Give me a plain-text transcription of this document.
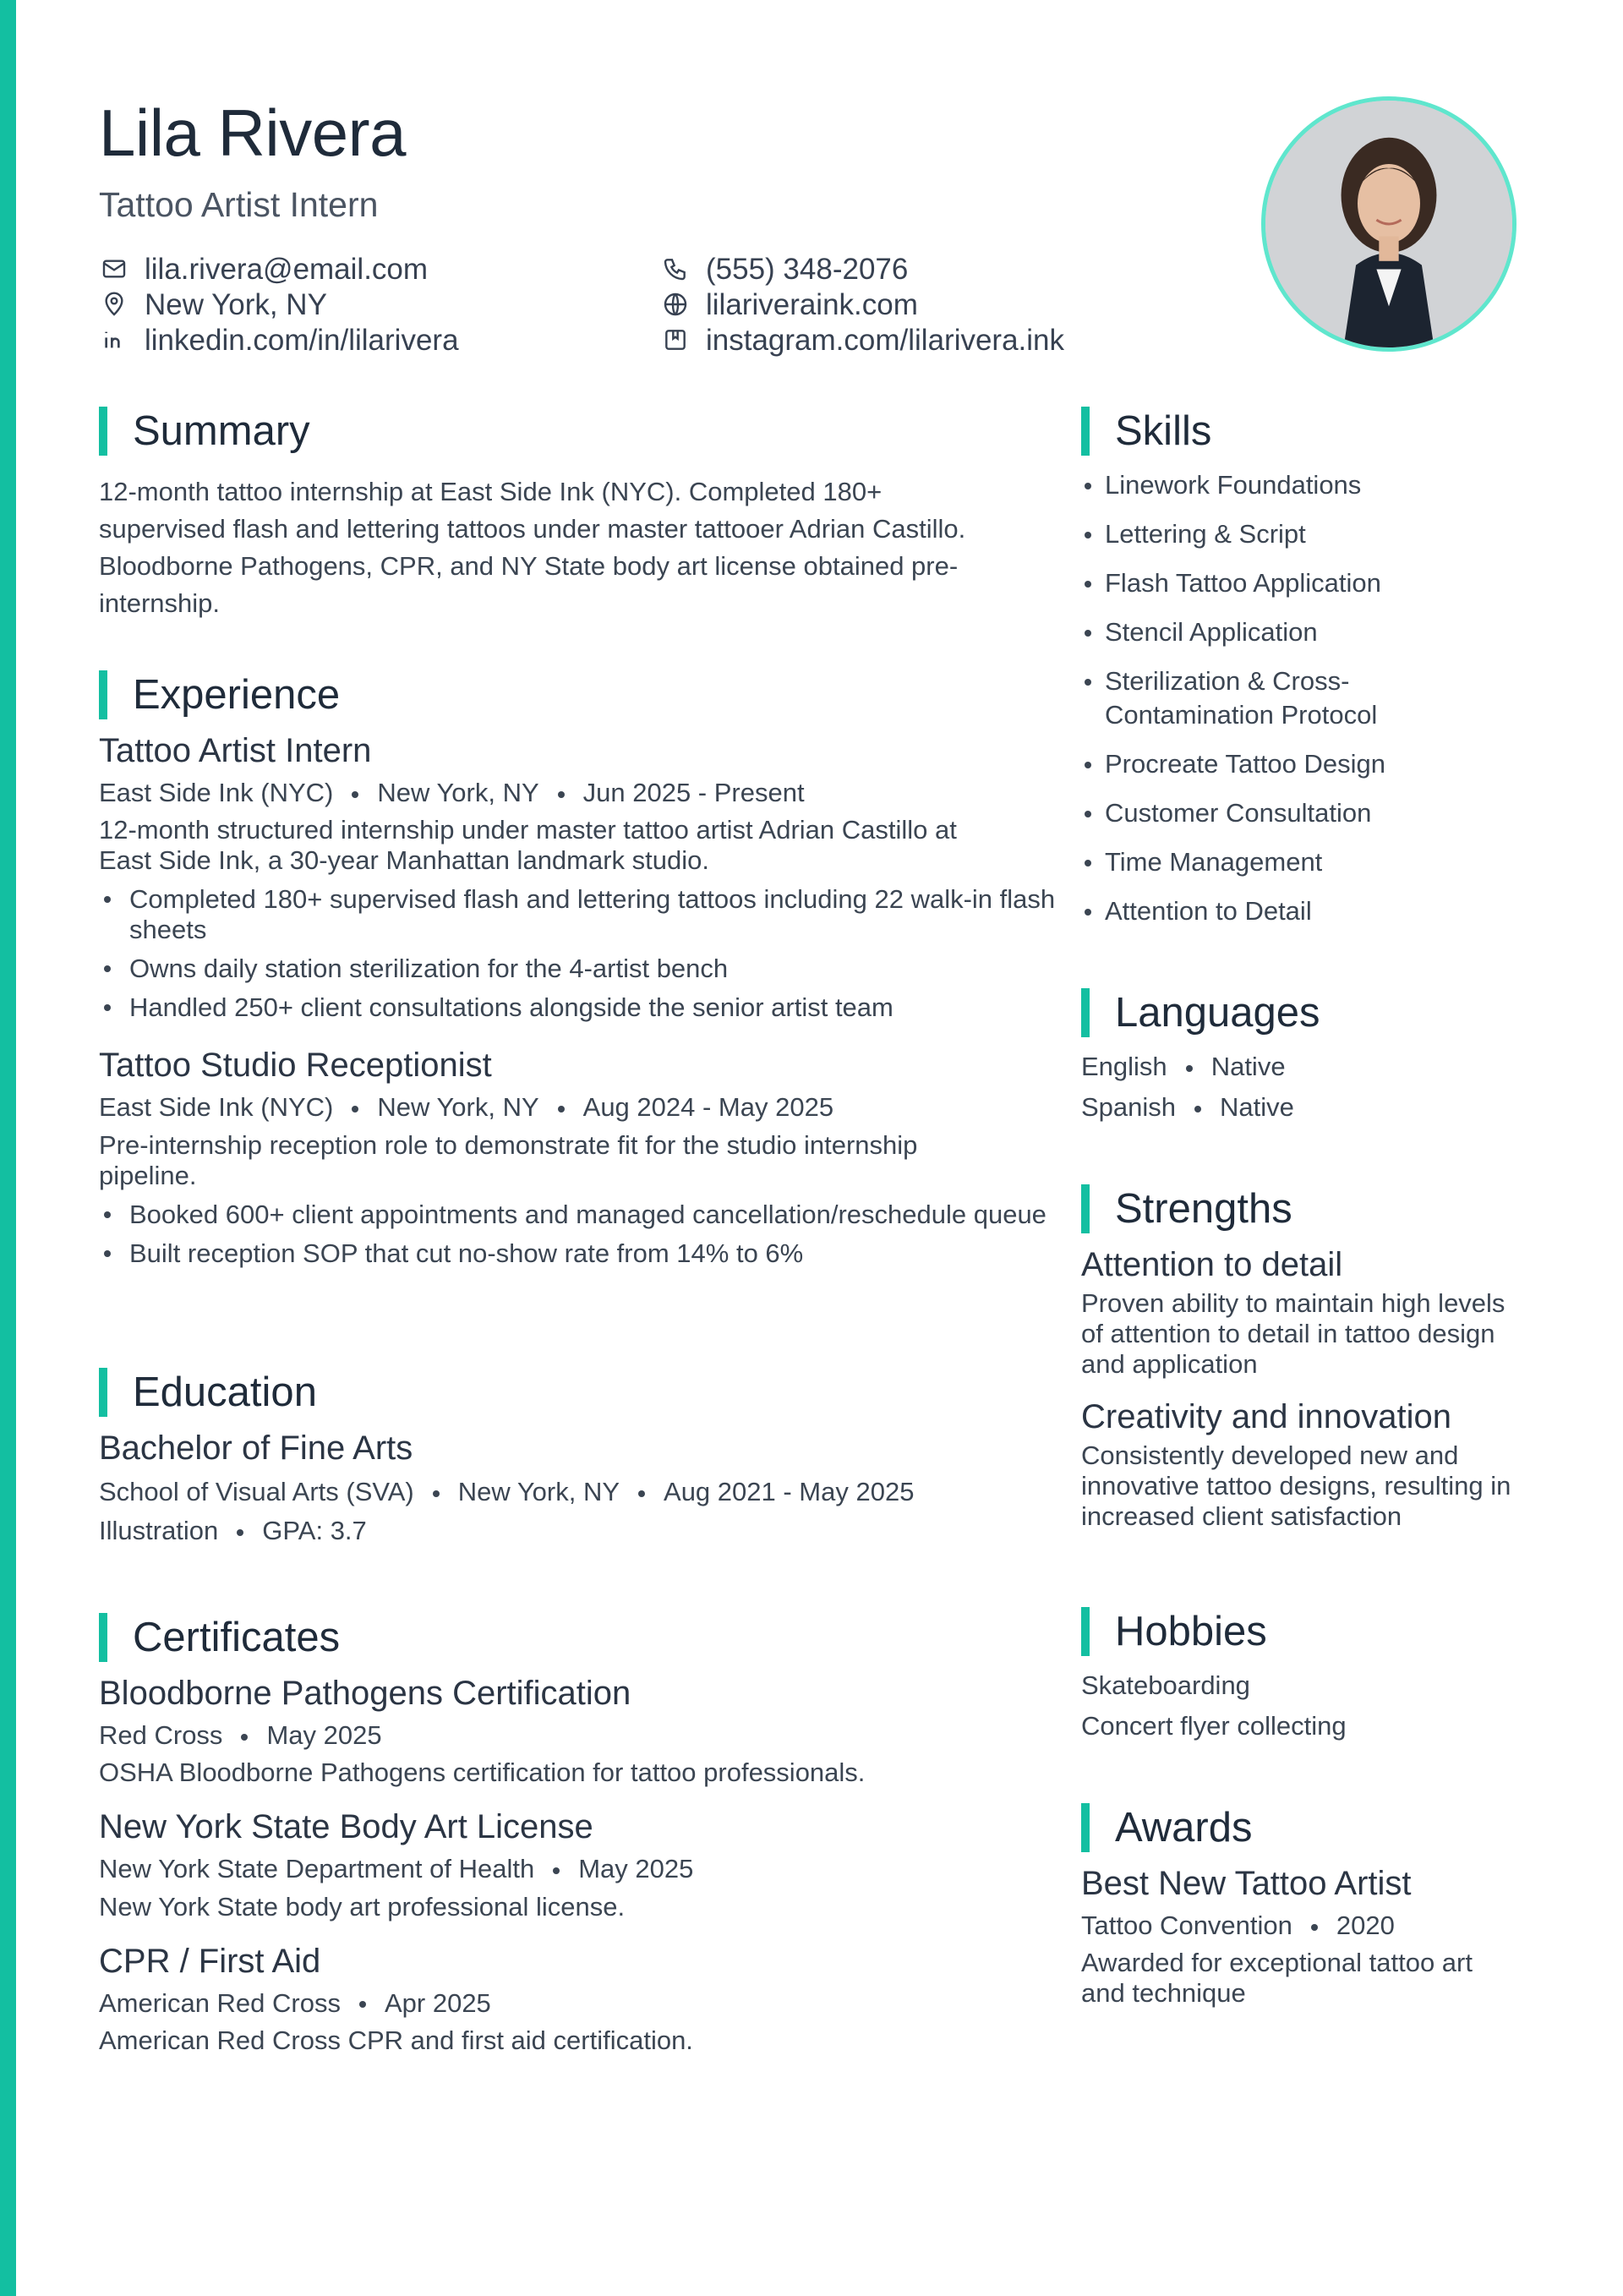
Lila Rivera

Tattoo Artist Intern

lila.rivera@email.com	(555) 348-2076
New York, NY	lilariveraink.com
linkedin.com/in/lilarivera	instagram.com/lilarivera.ink
Summary

12-month tattoo internship at East Side Ink (NYC). Completed 180+ supervised flash and lettering tattoos under master tattooer Adrian Castillo. Bloodborne Pathogens, CPR, and NY State body art license obtained pre-internship.

Experience

Tattoo Artist Intern

East Side Ink (NYC) New York, NY Jun 2025 - Present

12-month structured internship under master tattoo artist Adrian Castillo at East Side Ink, a 30-year Manhattan landmark studio.

Completed 180+ supervised flash and lettering tattoos including 22 walk-in flash sheets
Owns daily station sterilization for the 4-artist bench
Handled 250+ client consultations alongside the senior artist team

Tattoo Studio Receptionist

East Side Ink (NYC) New York, NY Aug 2024 - May 2025

Pre-internship reception role to demonstrate fit for the studio internship pipeline.

Booked 600+ client appointments and managed cancellation/reschedule queue
Built reception SOP that cut no-show rate from 14% to 6%
Education

Bachelor of Fine Arts

School of Visual Arts (SVA) New York, NY Aug 2021 - May 2025

Illustration GPA: 3.7

Certificates

Bloodborne Pathogens Certification

Red Cross May 2025

OSHA Bloodborne Pathogens certification for tattoo professionals.

New York State Body Art License

New York State Department of Health May 2025

New York State body art professional license.

CPR / First Aid

American Red Cross Apr 2025

American Red Cross CPR and first aid certification.

Skills
Linework Foundations
Lettering & Script
Flash Tattoo Application
Stencil Application
Sterilization & Cross-Contamination Protocol
Procreate Tattoo Design
Customer Consultation
Time Management
Attention to Detail
Languages

English Native

Spanish Native

Strengths

Attention to detail

Proven ability to maintain high levels of attention to detail in tattoo design and application

Creativity and innovation

Consistently developed new and innovative tattoo designs, resulting in increased client satisfaction

Hobbies

Skateboarding

Concert flyer collecting

Awards

Best New Tattoo Artist

Tattoo Convention 2020

Awarded for exceptional tattoo art and technique
